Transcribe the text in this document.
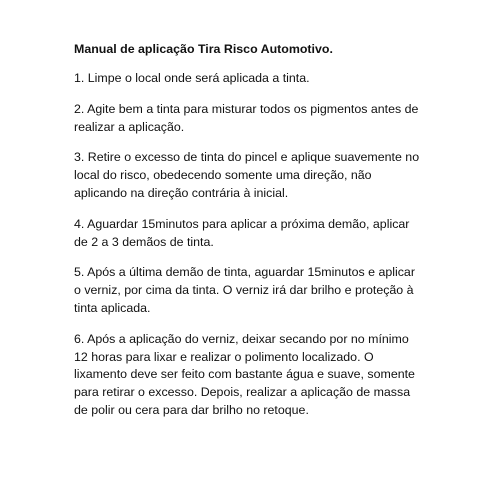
Manual de aplicação Tira Risco Automotivo.

1. Limpe o local onde será aplicada a tinta.

2. Agite bem a tinta para misturar todos os pigmentos antes de realizar a aplicação.

3. Retire o excesso de tinta do pincel e aplique suavemente no local do risco, obedecendo somente uma direção, não aplicando na direção contrária à inicial.

4. Aguardar 15minutos para aplicar a próxima demão, aplicar de 2 a 3 demãos de tinta.

5. Após a última demão de tinta, aguardar 15minutos e aplicar o verniz, por cima da tinta. O verniz irá dar brilho e proteção à tinta aplicada.

6. Após a aplicação do verniz, deixar secando por no mínimo 12 horas para lixar e realizar o polimento localizado. O lixamento deve ser feito com bastante água e suave, somente para retirar o excesso. Depois, realizar a aplicação de massa de polir ou cera para dar brilho no retoque.
